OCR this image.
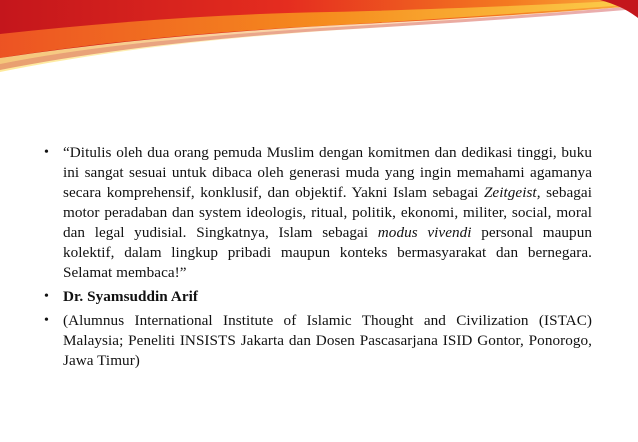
• “Ditulis oleh dua orang pemuda Muslim dengan komitmen dan dedikasi tinggi, buku ini sangat sesuai untuk dibaca oleh generasi muda yang ingin memahami agamanya secara komprehensif, konklusif, dan objektif. Yakni Islam sebagai Zeitgeist, sebagai motor peradaban dan system ideologis, ritual, politik, ekonomi, militer, social, moral dan legal yudisial. Singkatnya, Islam sebagai modus vivendi personal maupun kolektif, dalam lingkup pribadi maupun konteks bermasyarakat dan bernegara. Selamat membaca!”
• Dr. Syamsuddin Arif
• (Alumnus International Institute of Islamic Thought and Civilization (ISTAC) Malaysia; Peneliti INSISTS Jakarta dan Dosen Pascasarjana ISID Gontor, Ponorogo, Jawa Timur)
